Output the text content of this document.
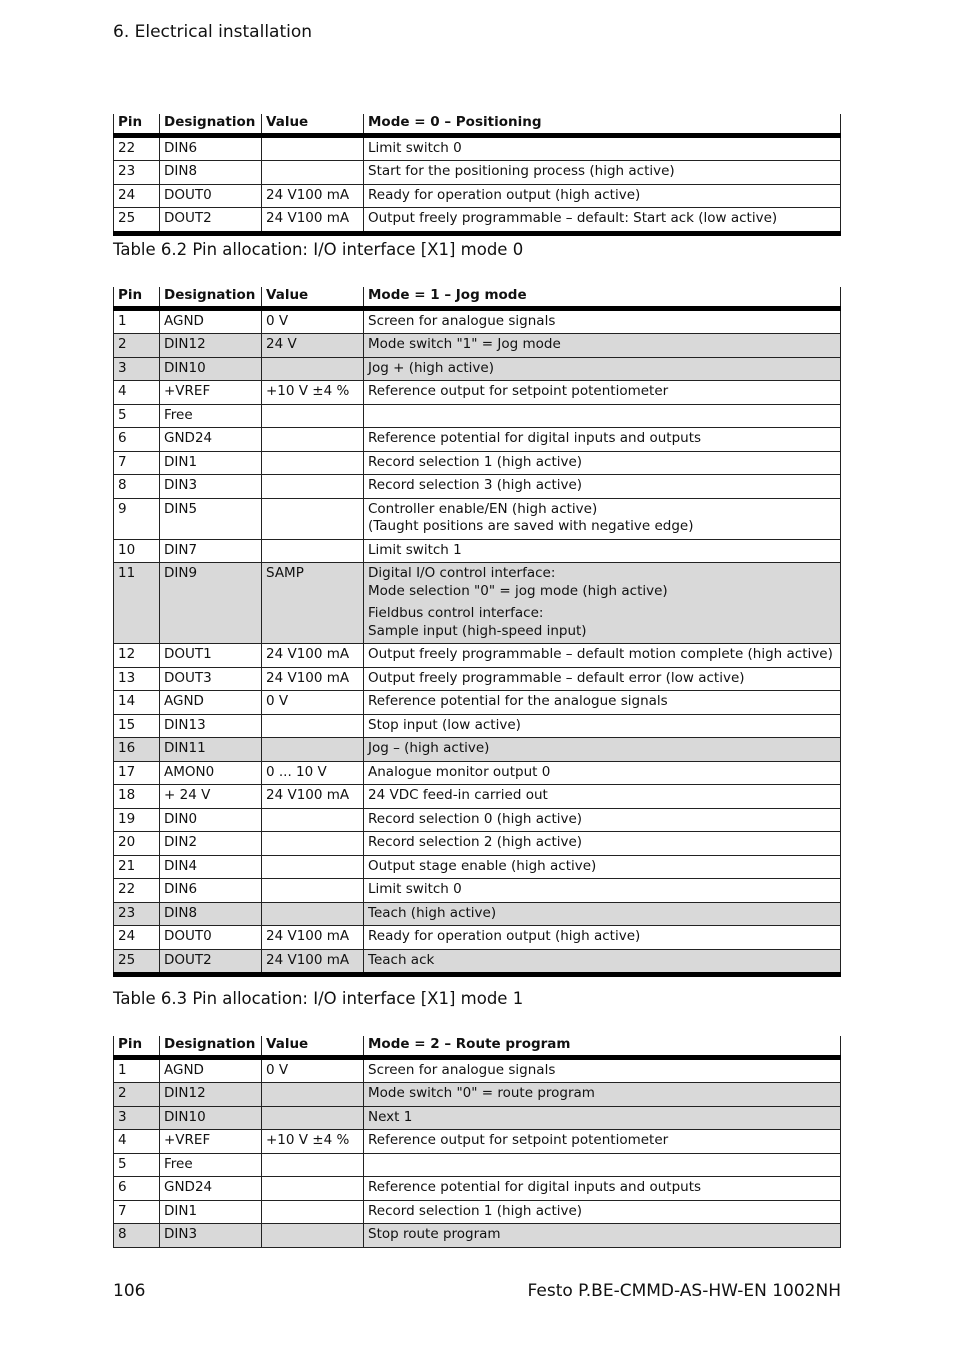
6. Electrical installation
Pin	Designation	Value	Mode = 0 – Positioning
22	DIN6		Limit switch 0

23	DIN8		Start for the positioning process (high active)

24	DOUT0	24 V100 mA	Ready for operation output (high active)

25	DOUT2	24 V100 mA	Output freely programmable – default: Start ack (low active)
Table 6.2 Pin allocation: I/O interface [X1] mode 0
Pin	Designation	Value	Mode = 1 – Jog mode
1	AGND	0 V	Screen for analogue signals

2	DIN12	24 V	Mode switch "1" = Jog mode

3	DIN10		Jog + (high active)

4	+VREF	+10 V ±4 %	Reference output for setpoint potentiometer

5	Free		

6	GND24		Reference potential for digital inputs and outputs

7	DIN1		Record selection 1 (high active)

8	DIN3		Record selection 3 (high active)

9	DIN5		Controller enable/EN (high active)
(Taught positions are saved with negative edge)

10	DIN7		Limit switch 1

11	DIN9	SAMP	Digital I/O control interface:
Mode selection "0" = jog mode (high active)
Fieldbus control interface:
Sample input (high-speed input)

12	DOUT1	24 V100 mA	Output freely programmable – default motion complete (high active)

13	DOUT3	24 V100 mA	Output freely programmable – default error (low active)

14	AGND	0 V	Reference potential for the analogue signals

15	DIN13		Stop input (low active)

16	DIN11		Jog – (high active)

17	AMON0	0 ... 10 V	Analogue monitor output 0

18	+ 24 V	24 V100 mA	24 VDC feed-in carried out

19	DIN0		Record selection 0 (high active)

20	DIN2		Record selection 2 (high active)

21	DIN4		Output stage enable (high active)

22	DIN6		Limit switch 0

23	DIN8		Teach (high active)

24	DOUT0	24 V100 mA	Ready for operation output (high active)

25	DOUT2	24 V100 mA	Teach ack
Table 6.3 Pin allocation: I/O interface [X1] mode 1
Pin	Designation	Value	Mode = 2 – Route program
1	AGND	0 V	Screen for analogue signals

2	DIN12		Mode switch "0" = route program

3	DIN10		Next 1

4	+VREF	+10 V ±4 %	Reference output for setpoint potentiometer

5	Free		

6	GND24		Reference potential for digital inputs and outputs

7	DIN1		Record selection 1 (high active)

8	DIN3		Stop route program
106	Festo P.BE-CMMD-AS-HW-EN 1002NH
